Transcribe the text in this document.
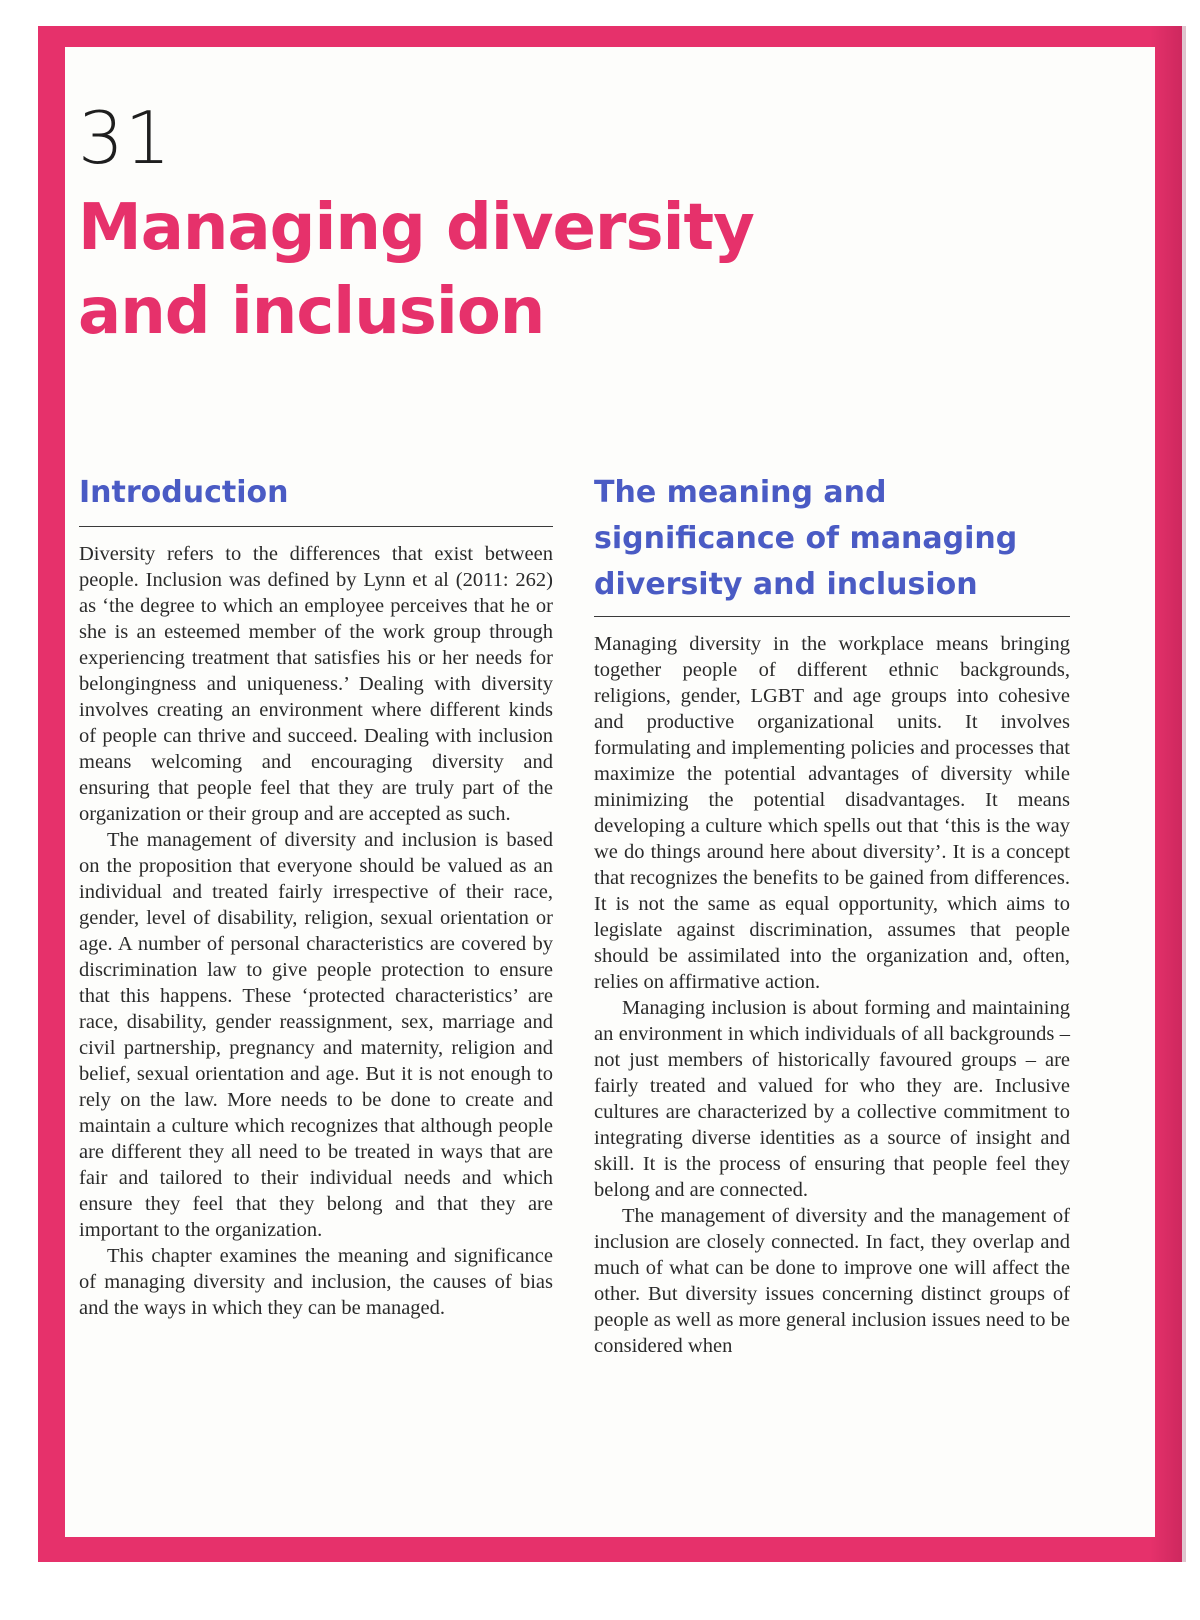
31
Managing diversity and inclusion
Introduction

Diversity refers to the differences that exist between people. Inclusion was defined by Lynn et al (2011: 262) as ‘the degree to which an employee perceives that he or she is an esteemed member of the work group through experiencing treatment that satisfies his or her needs for belongingness and uniqueness.’ Dealing with diversity involves creating an environment where different kinds of people can thrive and succeed. Dealing with inclusion means welcoming and encouraging diversity and ensuring that people feel that they are truly part of the organization or their group and are accepted as such.

The management of diversity and inclusion is based on the proposition that everyone should be valued as an individual and treated fairly irrespective of their race, gender, level of disability, religion, sexual orientation or age. A number of personal characteristics are covered by discrimination law to give people protection to ensure that this happens. These ‘protected characteristics’ are race, disability, gender reassignment, sex, marriage and civil partnership, pregnancy and maternity, religion and belief, sexual orientation and age. But it is not enough to rely on the law. More needs to be done to create and maintain a culture which recognizes that although people are different they all need to be treated in ways that are fair and tailored to their individual needs and which ensure they feel that they belong and that they are important to the organization.

This chapter examines the meaning and significance of managing diversity and inclusion, the causes of bias and the ways in which they can be managed.

The meaning and significance of managing diversity and inclusion

Managing diversity in the workplace means bringing together people of different ethnic backgrounds, religions, gender, LGBT and age groups into cohesive and productive organizational units. It involves formulating and implementing policies and processes that maximize the potential advantages of diversity while minimizing the potential disadvantages. It means developing a culture which spells out that ‘this is the way we do things around here about diversity’. It is a concept that recognizes the benefits to be gained from differences. It is not the same as equal opportunity, which aims to legislate against discrimination, assumes that people should be assimilated into the organization and, often, relies on affirmative action.

Managing inclusion is about forming and maintaining an environment in which individuals of all backgrounds – not just members of historically favoured groups – are fairly treated and valued for who they are. Inclusive cultures are characterized by a collective commitment to integrating diverse identities as a source of insight and skill. It is the process of ensuring that people feel they belong and are connected.

The management of diversity and the management of inclusion are closely connected. In fact, they overlap and much of what can be done to improve one will affect the other. But diversity issues concerning distinct groups of people as well as more general inclusion issues need to be considered when
